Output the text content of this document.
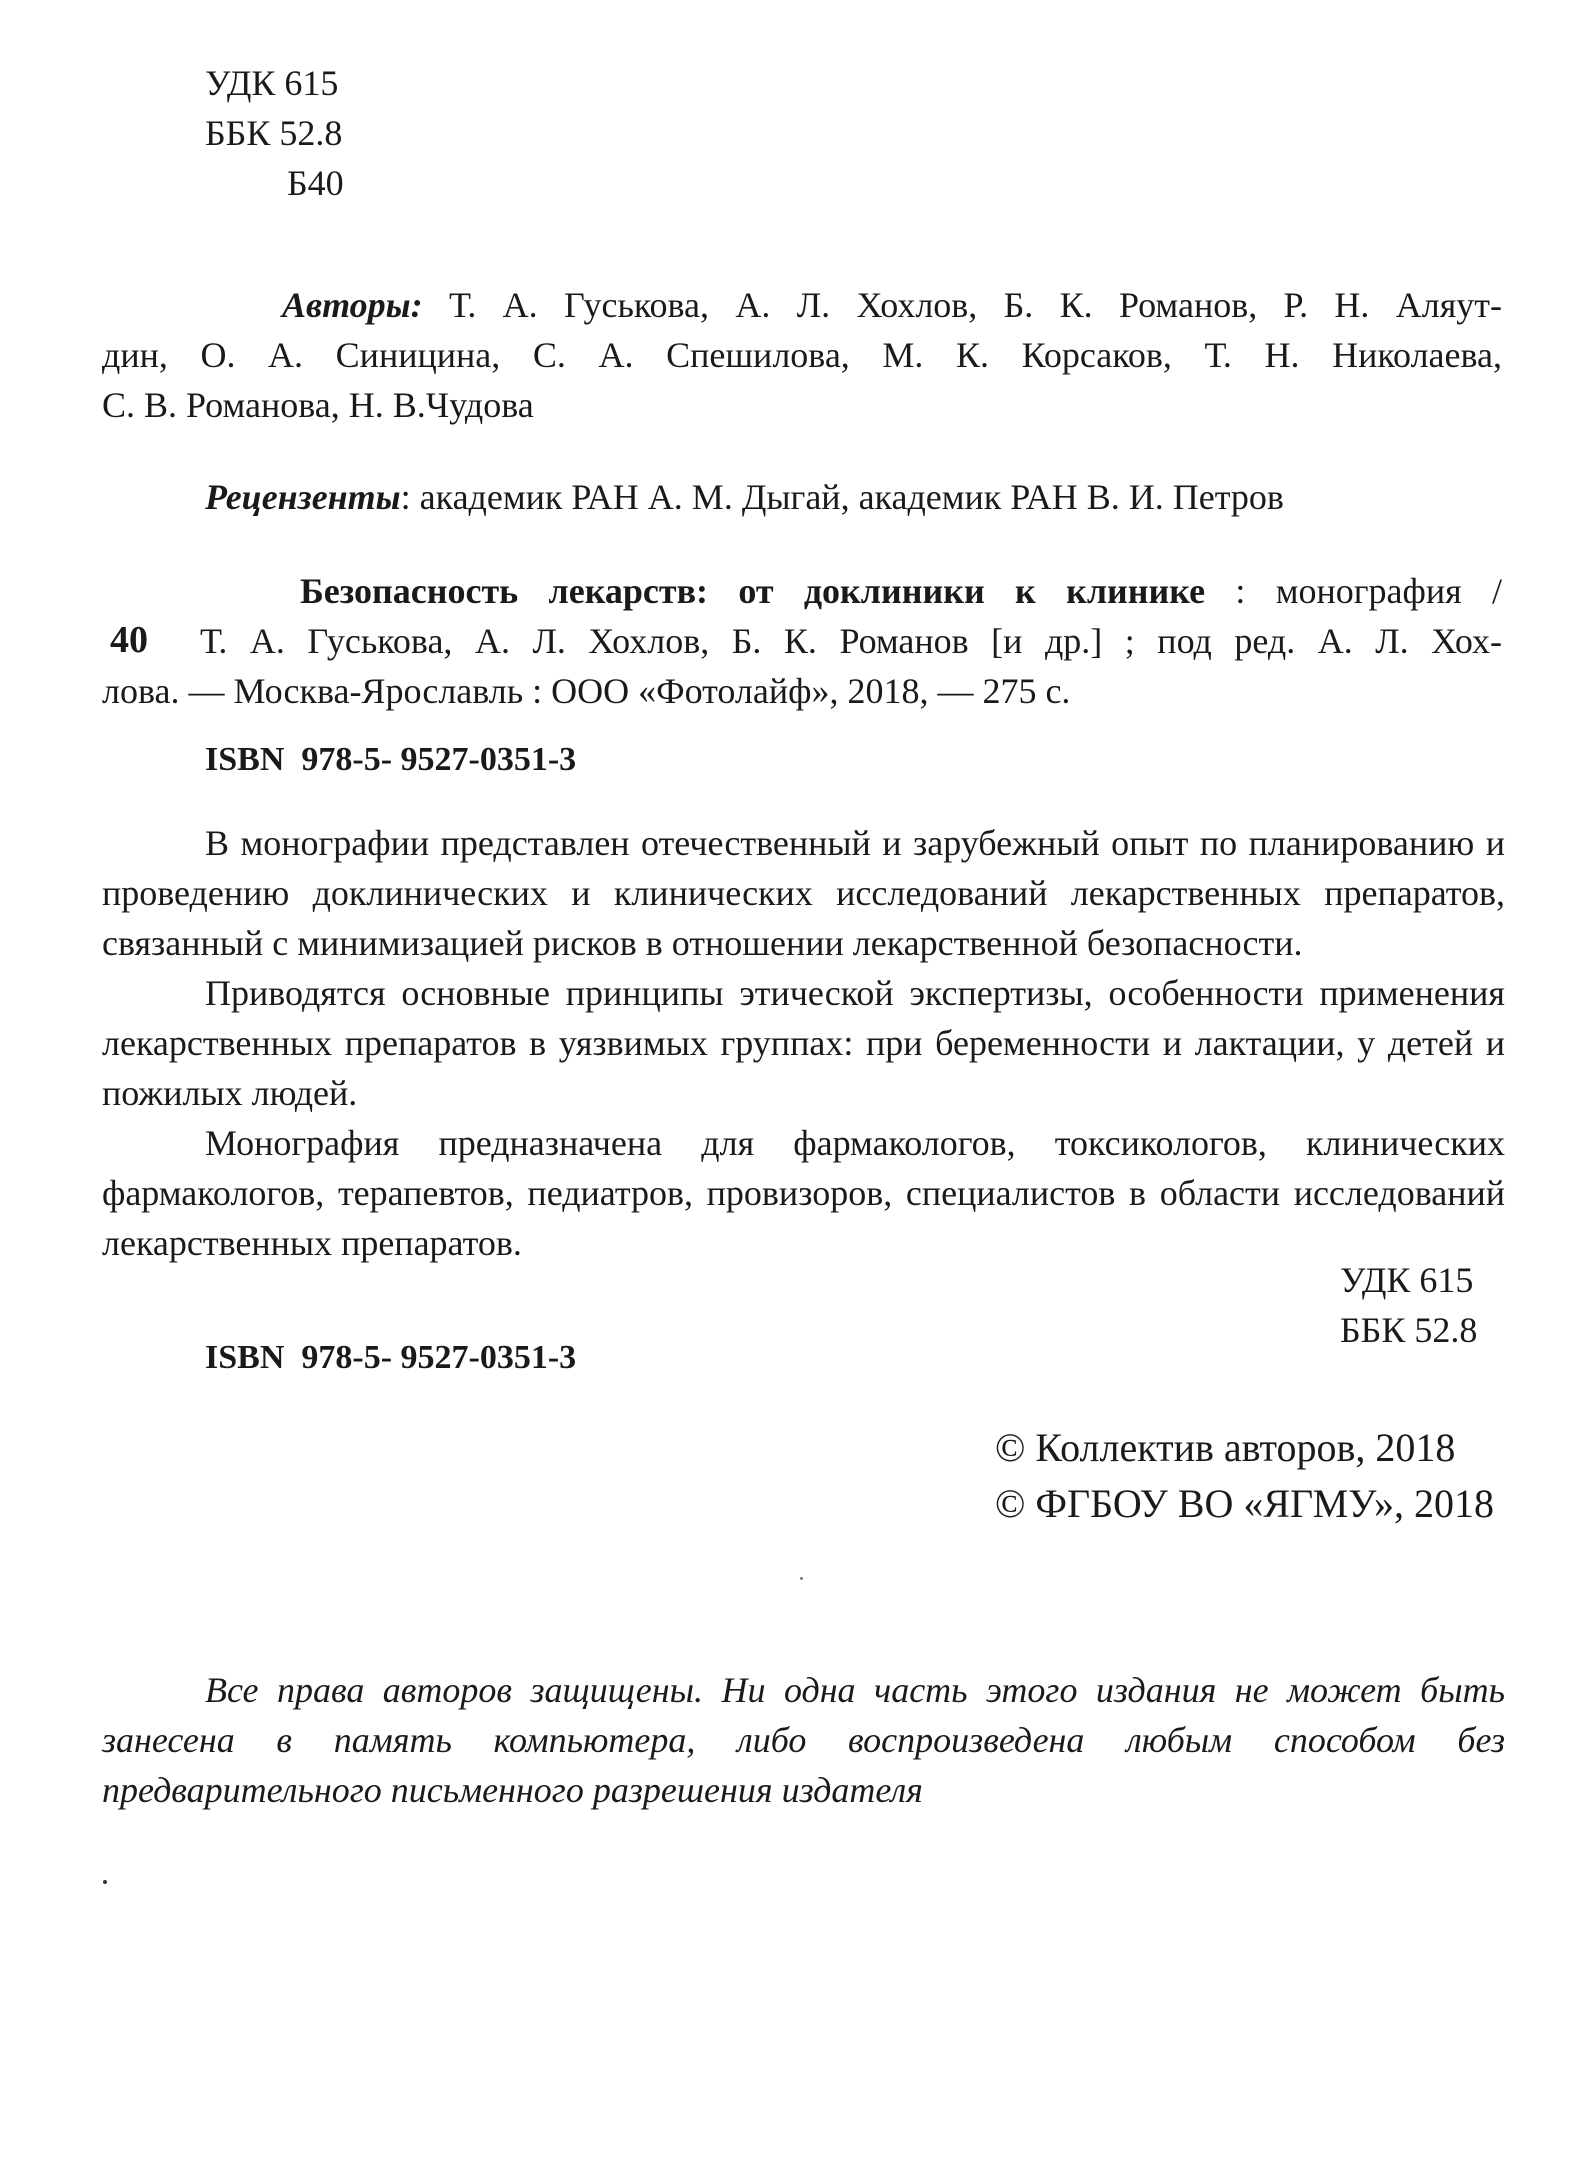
УДК 615
ББК 52.8
Б40
Авторы: Т. А. Гуськова, А. Л. Хохлов, Б. К. Романов, Р. Н. Аляут-
дин, О. А. Синицина, С. А. Спешилова, М. К. Корсаков, Т. Н. Николаева,
С. В. Романова, Н. В.Чудова
Рецензенты: академик РАН А. М. Дыгай, академик РАН В. И. Петров
40
Безопасность лекарств: от доклиники к клинике : монография /
Т. А. Гуськова, А. Л. Хохлов, Б. К. Романов [и др.] ; под ред. А. Л. Хох-
лова. — Москва-Ярославль : ООО «Фотолайф», 2018, — 275 с.
ISBN  978-5- 9527-0351-3

В монографии представлен отечественный и зарубежный опыт по планированию и проведению доклинических и клинических исследований лекарственных препаратов, связанный с минимизацией рисков в отношении лекарственной безопасности.

Приводятся основные принципы этической экспертизы, особенности применения лекарственных препаратов в уязвимых группах: при беременности и лактации, у детей и пожилых людей.

Монография предназначена для фармакологов, токсикологов, клинических фармакологов, терапевтов, педиатров, провизоров, специалистов в области исследований лекарственных препаратов.

УДК 615
ББК 52.8
ISBN  978-5- 9527-0351-3
© Коллектив авторов, 2018
© ФГБОУ ВО «ЯГМУ», 2018

Все права авторов защищены. Ни одна часть этого издания не может быть занесена в память компьютера, либо воспроизведена любым способом без предварительного письменного разрешения издателя
